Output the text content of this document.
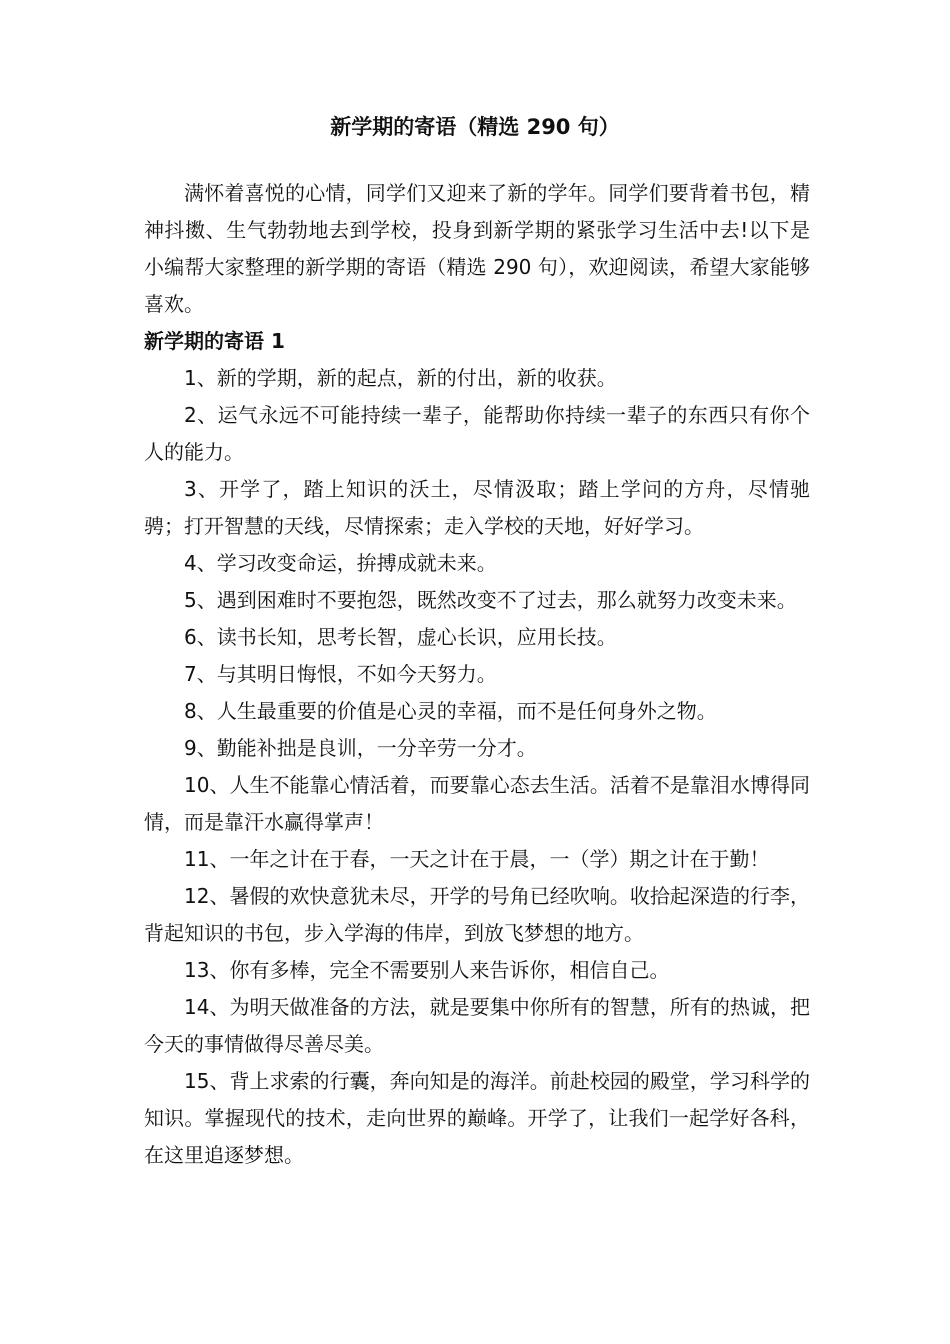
新学期的寄语（精选 290 句）

满怀着喜悦的心情，同学们又迎来了新的学年。同学们要背着书包，精神抖擞、生气勃勃地去到学校，投身到新学期的紧张学习生活中去!以下是小编帮大家整理的新学期的寄语（精选 290 句），欢迎阅读，希望大家能够喜欢。

新学期的寄语 1

1、新的学期，新的起点，新的付出，新的收获。

2、运气永远不可能持续一辈子，能帮助你持续一辈子的东西只有你个人的能力。

3、开学了，踏上知识的沃土，尽情汲取；踏上学问的方舟，尽情驰骋；打开智慧的天线，尽情探索；走入学校的天地，好好学习。

4、学习改变命运，拚搏成就未来。

5、遇到困难时不要抱怨，既然改变不了过去，那么就努力改变未来。

6、读书长知，思考长智，虚心长识，应用长技。

7、与其明日悔恨，不如今天努力。

8、人生最重要的价值是心灵的幸福，而不是任何身外之物。

9、勤能补拙是良训，一分辛劳一分才。

10、人生不能靠心情活着，而要靠心态去生活。活着不是靠泪水博得同情，而是靠汗水赢得掌声！

11、一年之计在于春，一天之计在于晨，一（学）期之计在于勤！

12、暑假的欢快意犹未尽，开学的号角已经吹响。收拾起深造的行李，背起知识的书包，步入学海的伟岸，到放飞梦想的地方。

13、你有多棒，完全不需要别人来告诉你，相信自己。

14、为明天做准备的方法，就是要集中你所有的智慧，所有的热诚，把今天的事情做得尽善尽美。

15、背上求索的行囊，奔向知是的海洋。前赴校园的殿堂，学习科学的知识。掌握现代的技术，走向世界的巅峰。开学了，让我们一起学好各科，在这里追逐梦想。
